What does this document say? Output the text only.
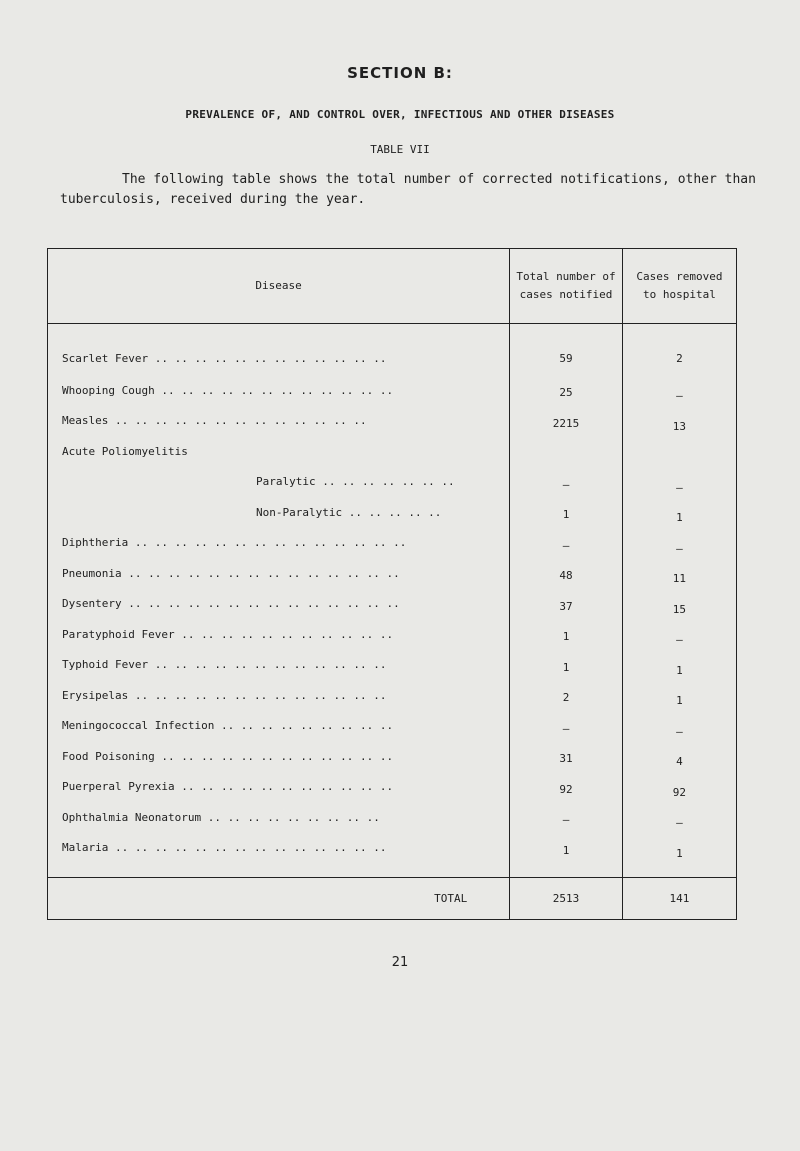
SECTION B:
PREVALENCE OF, AND CONTROL OVER, INFECTIOUS AND OTHER DISEASES
TABLE VII
The following table shows the total number of corrected notifications, other than tuberculosis, received during the year.
Disease	Total number of cases notified	Cases removed to hospital
Scarlet Fever .. .. .. .. .. .. .. .. .. .. .. ..	59	2
Whooping Cough .. .. .. .. .. .. .. .. .. .. .. ..	25	–
Measles .. .. .. .. .. .. .. .. .. .. .. .. ..	2215	13
Acute Poliomyelitis		
Paralytic .. .. .. .. .. .. ..	–	–
Non-Paralytic .. .. .. .. ..	1	1
Diphtheria .. .. .. .. .. .. .. .. .. .. .. .. .. ..	–	–
Pneumonia .. .. .. .. .. .. .. .. .. .. .. .. .. ..	48	11
Dysentery .. .. .. .. .. .. .. .. .. .. .. .. .. ..	37	15
Paratyphoid Fever .. .. .. .. .. .. .. .. .. .. ..	1	–
Typhoid Fever .. .. .. .. .. .. .. .. .. .. .. ..	1	1
Erysipelas .. .. .. .. .. .. .. .. .. .. .. .. ..	2	1
Meningococcal Infection .. .. .. .. .. .. .. .. ..	–	–
Food Poisoning .. .. .. .. .. .. .. .. .. .. .. ..	31	4
Puerperal Pyrexia .. .. .. .. .. .. .. .. .. .. ..	92	92
Ophthalmia Neonatorum .. .. .. .. .. .. .. .. ..	–	–
Malaria .. .. .. .. .. .. .. .. .. .. .. .. .. ..	1	1
TOTAL	2513	141
21
